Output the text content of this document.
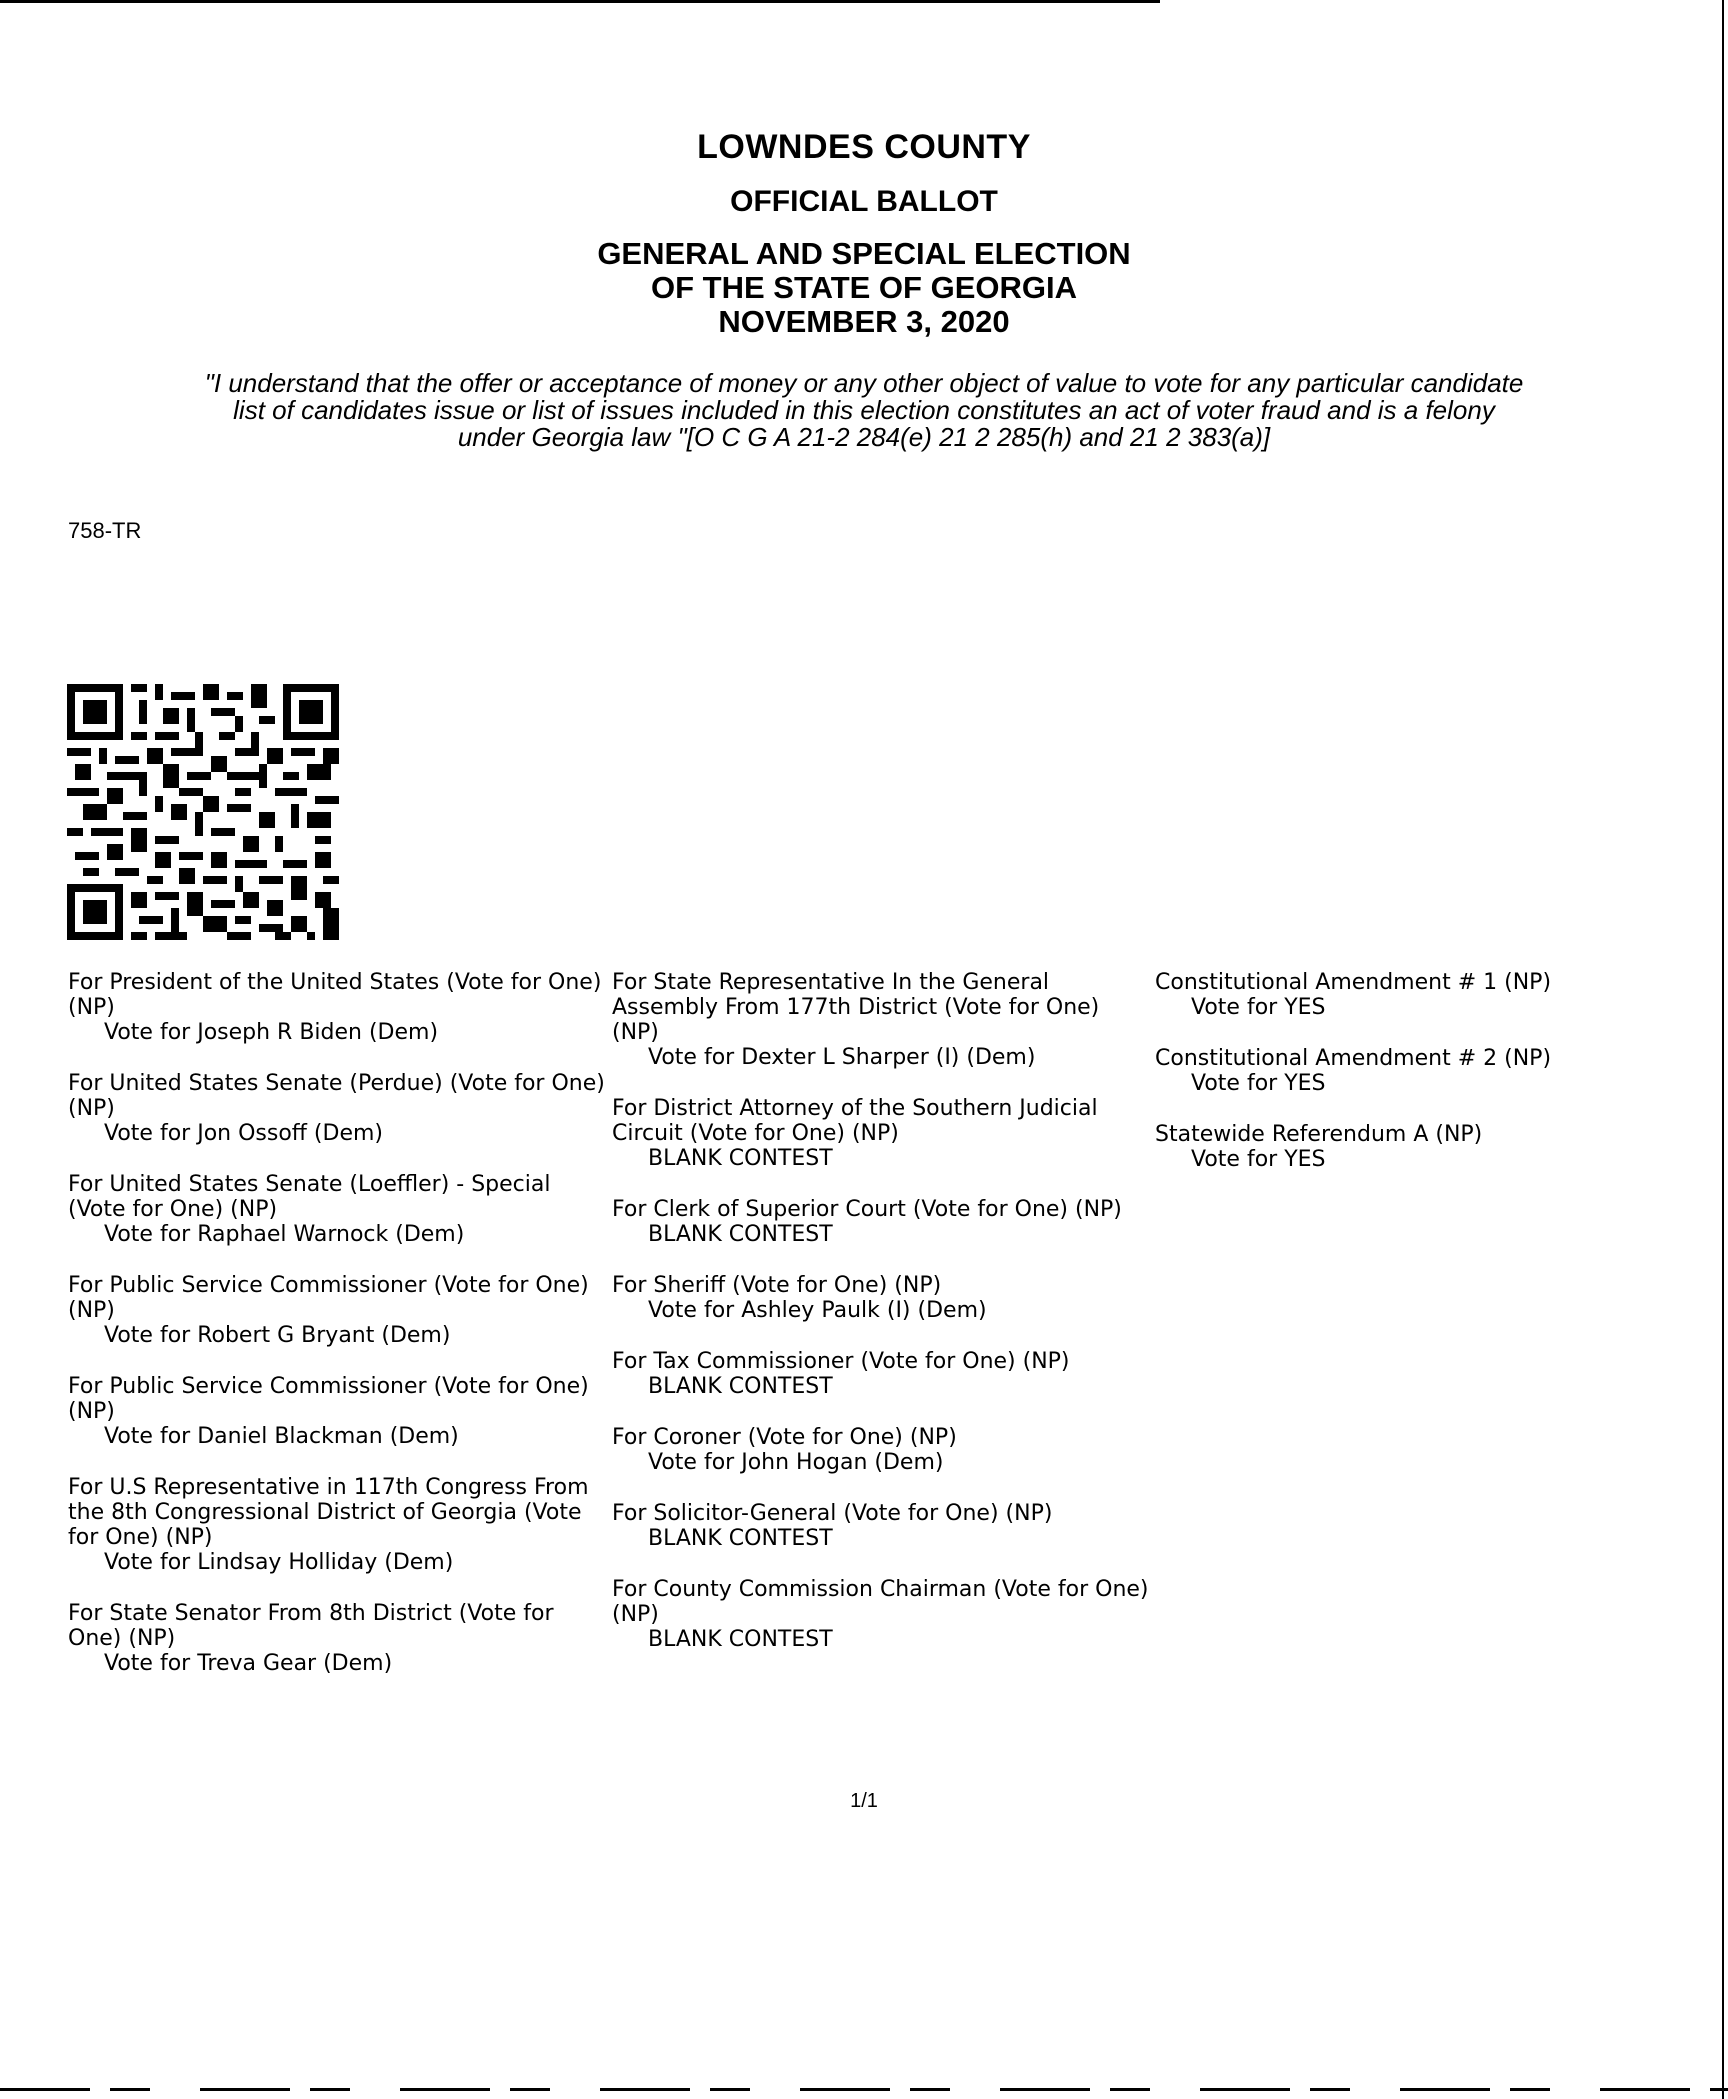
LOWNDES COUNTY
OFFICIAL BALLOT
GENERAL AND SPECIAL ELECTION
OF THE STATE OF GEORGIA
NOVEMBER 3, 2020
"I understand that the offer or acceptance of money or any other object of value to vote for any particular candidate
list of candidates issue or list of issues included in this election constitutes an act of voter fraud and is a felony
under Georgia law "[O C G A 21-2 284(e) 21 2 285(h) and 21 2 383(a)]
758-TR
For President of the United States (Vote for One) (NP)
Vote for Joseph R Biden (Dem)
For United States Senate (Perdue) (Vote for One) (NP)
Vote for Jon Ossoff (Dem)
For United States Senate (Loeffler) - Special (Vote for One) (NP)
Vote for Raphael Warnock (Dem)
For Public Service Commissioner (Vote for One) (NP)
Vote for Robert G Bryant (Dem)
For Public Service Commissioner (Vote for One) (NP)
Vote for Daniel Blackman (Dem)
For U.S Representative in 117th Congress From the 8th Congressional District of Georgia (Vote for One) (NP)
Vote for Lindsay Holliday (Dem)
For State Senator From 8th District (Vote for One) (NP)
Vote for Treva Gear (Dem)
For State Representative In the General Assembly From 177th District (Vote for One) (NP)
Vote for Dexter L Sharper (I) (Dem)
For District Attorney of the Southern Judicial Circuit (Vote for One) (NP)
BLANK CONTEST
For Clerk of Superior Court (Vote for One) (NP)
BLANK CONTEST
For Sheriff (Vote for One) (NP)
Vote for Ashley Paulk (I) (Dem)
For Tax Commissioner (Vote for One) (NP)
BLANK CONTEST
For Coroner (Vote for One) (NP)
Vote for John Hogan (Dem)
For Solicitor-General (Vote for One) (NP)
BLANK CONTEST
For County Commission Chairman (Vote for One) (NP)
BLANK CONTEST
Constitutional Amendment # 1 (NP)
Vote for YES
Constitutional Amendment # 2 (NP)
Vote for YES
Statewide Referendum A (NP)
Vote for YES
1/1
